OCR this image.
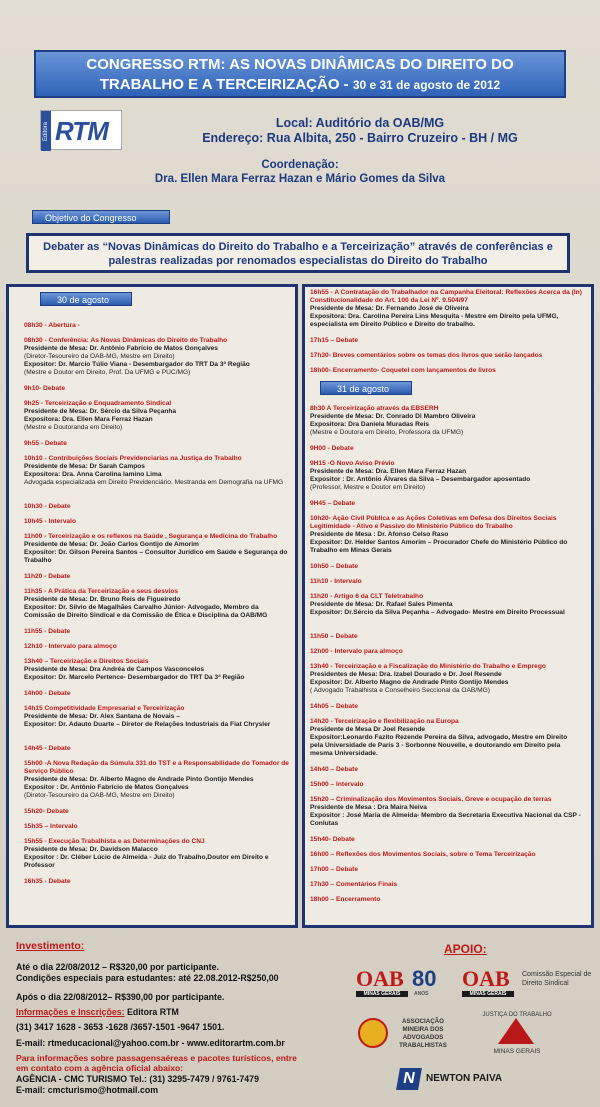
CONGRESSO RTM: AS NOVAS DINÂMICAS DO DIREITO DO
TRABALHO E A TERCEIRIZAÇÃO - 30 e 31 de agosto de 2012
Editora RTM	Local: Auditório da OAB/MG
Endereço: Rua Albita, 250 - Bairro Cruzeiro - BH / MG
Coordenação:
Dra. Ellen Mara Ferraz Hazan e Mário Gomes da Silva
Objetivo do Congresso
Debater as “Novas Dinâmicas do Direito do Trabalho e a Terceirização” através de conferências e palestras realizadas por renomados especialistas do Direito do Trabalho
30 de agosto
31 de agosto
08h30 - Abertura -
08h30 - Conferência: As Novas Dinâmicas do Direito do Trabalho
Presidente de Mesa: Dr. Antônio Fabrício de Matos Gonçalves
(Diretor-Tesoureiro da OAB-MG, Mestre em Direito)
Expositor: Dr. Marcio Túlio Viana - Desembargador do TRT Da 3ª Região
(Mestre e Doutor em Direito, Prof. Da UFMG e PUC/MG)
9h10- Debate
9h25 - Terceirização e Enquadramento Sindical
Presidente de Mesa: Dr. Sércio da Silva Peçanha
Expositora: Dra. Ellen Mara Ferraz Hazan
(Mestre e Doutoranda em Direito)
9h55 - Debate
10h10 - Contribuições Sociais Previdenciarias na Justiça do Trabalho
Presidente de Mesa: Dr Sarah Campos
Expositora: Dra. Anna Carolina Iamino Lima
Advogada especializada em Direito Previdenciário. Mestranda em Demografia na UFMG
10h30 - Debate
10h45 - Intervalo
11h00 - Terceirização e os reflexos na Saúde , Segurança e Medicina do Trabalho
Presidente de Mesa: Dr. João Carlos Gontijo de Amorim
Expositor: Dr. Gilson Pereira Santos – Consultor Jurídico em Saúde e Segurança do Trabalho
11h20 - Debate
11h35 - A Prática da Terceirização e seus desvios
Presidente de Mesa: Dr. Bruno Reis de Figueiredo
Expositor: Dr. Silvio de Magalhães Carvalho Júnior- Advogado, Membro da Comissão de Direito Sindical e da Comissão de Ética e Disciplina da OAB/MG
11h55 - Debate
12h10 - Intervalo para almoço
13h40 – Terceirização e Direitos Sociais
Presidente de Mesa: Dra Andréa de Campos Vasconcelos
Expositor: Dr. Marcelo Pertence- Desembargador do TRT Da 3ª Região
14h00 - Debate
14h15 Competitividade Empresarial e Terceirização
Presidente de Mesa: Dr. Alex Santana de Novais –
Expositor: Dr. Adauto Duarte – Diretor de Relações Industriais da Fiat Chrysler
14h45 - Debate
15h00 -A Nova Redação da Súmula 331 do TST e a Responsabilidade do Tomador de Serviço Público
Presidente de Mesa: Dr. Alberto Magno de Andrade Pinto Gontijo Mendes
Expositor : Dr. Antônio Fabrício de Matos Gonçalves
(Diretor-Tesoureiro da OAB-MG, Mestre em Direito)
15h20- Debate
15h35 – Intervalo
15h55 - Execução Trabalhista e as Determinações do CNJ
Presidente de Mesa: Dr. Davidson Malacco
Expositor : Dr. Cléber Lúcio de Almeida - Juiz do Trabalho,Doutor em Direito e Professor
16h35 - Debate
16h55 - A Contratação do Trabalhador na Campanha Eleitoral: Reflexões Acerca da (In) Constitucionalidade do Art. 100 da Lei Nº. 9.504/97
Presidente de Mesa: Dr. Fernando José de Oliveira
Expositora: Dra. Carolina Pereira Lins Mesquita - Mestre em Direito pela UFMG, especialista em Direito Público e Direito do trabalho.
17h15 – Debate
17h30- Breves comentários sobre os temas dos livros que serão lançados
18h00- Encerramento- Coquetel com lançamentos de livros
8h30 A Terceirização através da EBSERH
Presidente de Mesa: Dr. Conrado Di Mambro Oliveira
Expositora: Dra Daniela Muradas Reis
(Mestre e Doutora em Direito, Professora da UFMG)
9H00 - Debate
9H15 -O Novo Aviso Prévio
Presidente de Mesa: Dra. Ellen Mara Ferraz Hazan
Expositor : Dr. Antônio Álvares da Silva – Desembargador aposentado
(Professor, Mestre e Doutor em Direito)
9H45 – Debate
10h20- Ação Civil Pública e as Ações Coletivas em Defesa dos Direitos Sociais Legitimidade - Ativo e Passivo do Ministério Público do Trabalho
Presidente de Mesa : Dr. Afonso Celso Raso
Expositor: Dr. Helder Santos Amorim – Procurador Chefe do Ministério Público do Trabalho em Minas Gerais
10h50 – Debate
11h10 - Intervalo
11h20 - Artigo 6 da CLT Teletrabalho
Presidente de Mesa: Dr. Rafael Sales Pimenta
Expositor: Dr.Sércio da Silva Peçanha – Advogado- Mestre em Direito Processual
11h50 – Debate
12h00 - Intervalo para almoço
13h40 - Terceirização e a Fiscalização do Ministério do Trabalho e Emprego
Presidentes de Mesa: Dra. Izabel Dourado e Dr. Joel Resende
Expositor: Dr. Alberto Magno de Andrade Pinto Gontijo Mendes
( Advogado Trabalhista e Conselheiro Seccional da OAB/MG)
14h05 – Debate
14h20 - Terceirização e flexibilização na Europa
Presidente de Mesa Dr Joel Resende
Expositor:Leonardo Fazito Rezende Pereira da Silva, advogado, Mestre em Direito pela Universidade de Paris 3 - Sorbonne Nouvelle, e doutorando em Direito pela mesma Universidade.
14h40 – Debate
15h00 – Intervalo
15h20 – Criminalização dos Movimentos Sociais. Greve e ocupação de terras
Presidente de Mesa : Dra Maira Neiva
Expositor : José Maria de Almeida- Membro da Secretaria Executiva Nacional da CSP - Conlutas
15h40- Debate
16h00 – Reflexões dos Movimentos Sociais, sobre o Tema Terceirização
17h00 – Debate
17h30 – Comentários Finais
18h00 – Encerramento
Investimento:
Até o dia 22/08/2012 – R$320,00 por participante.
Condições especiais para estudantes: até 22.08.2012-R$250,00
Após o dia 22/08/2012– R$390,00 por participante.
Informações e Inscrições: Editora RTM
(31) 3417 1628 - 3653 -1628 /3657-1501 -9647 1501.
E-mail: rtmeducacional@yahoo.com.br - www.editorartm.com.br
Para informações sobre passagensaéreas e pacotes turísticos, entre
em contato com a agência oficial abaixo:
AGÊNCIA - CMC TURISMO Tel.: (31) 3295-7479 / 9761-7479
E-mail: cmcturismo@hotmail.com
APOIO:
OAB 80
MINAS GERAIS	ANOS
OAB
MINAS GERAIS
Comissão Especial de Direito Sindical
ASSOCIAÇÃO MINEIRA DOS ADVOGADOS TRABALHISTAS
JUSTIÇA DO TRABALHO
MINAS GERAIS
N NEWTON PAIVA
